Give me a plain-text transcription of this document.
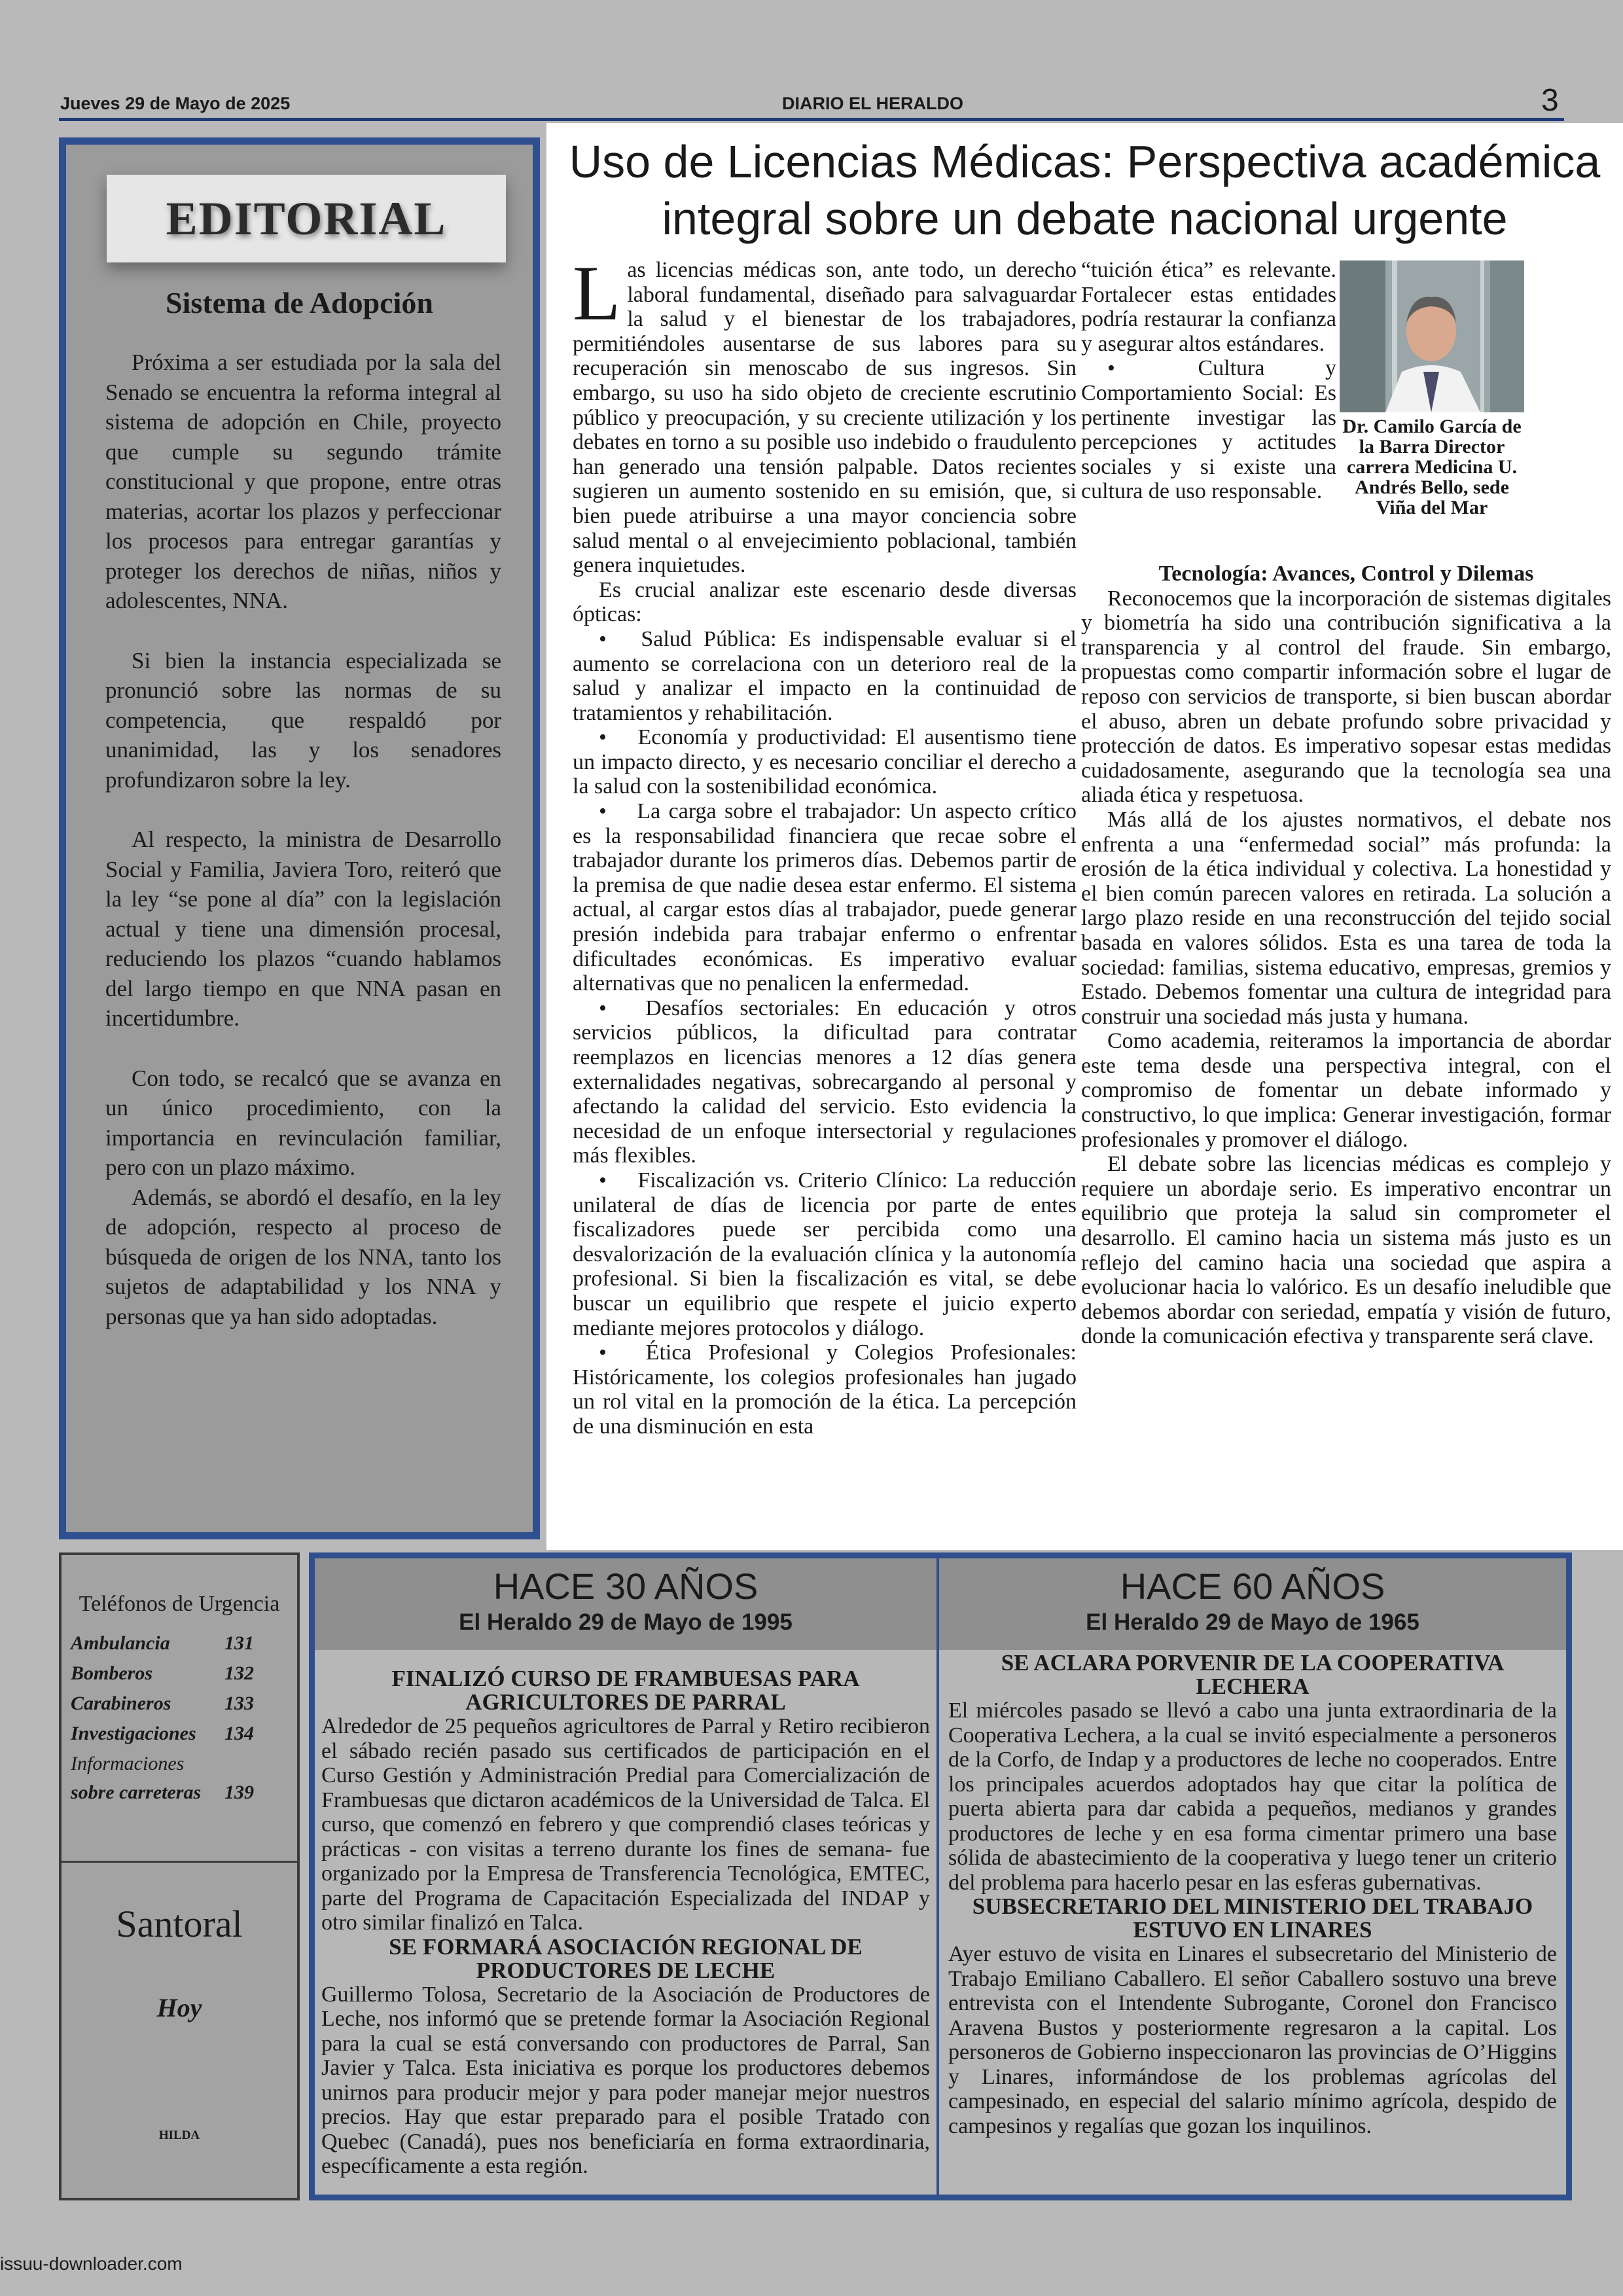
Jueves 29 de Mayo de 2025	DIARIO EL HERALDO	3
EDITORIAL
Sistema de Adopción

Próxima a ser estudiada por la sala del Senado se encuentra la reforma integral al sistema de adopción en Chile, proyecto que cumple su segundo trámite constitucional y que propone, entre otras materias, acortar los plazos y perfeccionar los procesos para entregar garantías y proteger los derechos de niñas, niños y adolescentes, NNA.

Si bien la instancia especializada se pronunció sobre las normas de su competencia, que respaldó por unanimidad, las y los senadores profundizaron sobre la ley.

Al respecto, la ministra de Desarrollo Social y Familia, Javiera Toro, reiteró que la ley “se pone al día” con la legislación actual y tiene una dimensión procesal, reduciendo los plazos “cuando hablamos del largo tiempo en que NNA pasan en incertidumbre.

Con todo, se recalcó que se avanza en un único procedimiento, con la importancia en revinculación familiar, pero con un plazo máximo.

Además, se abordó el desafío, en la ley de adopción, respecto al proceso de búsqueda de origen de los NNA, tanto los sujetos de adaptabilidad y los NNA y personas que ya han sido adoptadas.

Uso de Licencias Médicas: Perspectiva académica integral sobre un debate nacional urgente

Las licencias médicas son, ante todo, un derecho laboral fundamental, diseñado para salvaguardar la salud y el bienestar de los trabajadores, permitiéndoles ausentarse de sus labores para su recuperación sin menoscabo de sus ingresos. Sin embargo, su uso ha sido objeto de creciente escrutinio público y preocupación, y su creciente utilización y los debates en torno a su posible uso indebido o fraudulento han generado una tensión palpable. Datos recientes sugieren un aumento sostenido en su emisión, que, si bien puede atribuirse a una mayor conciencia sobre salud mental o al envejecimiento poblacional, también genera inquietudes.

Es crucial analizar este escenario desde diversas ópticas:

•  Salud Pública: Es indispensable evaluar si el aumento se correlaciona con un deterioro real de la salud y analizar el impacto en la continuidad de tratamientos y rehabilitación.

•  Economía y productividad: El ausentismo tiene un impacto directo, y es necesario conciliar el derecho a la salud con la sostenibilidad económica.

•  La carga sobre el trabajador: Un aspecto crítico es la responsabilidad financiera que recae sobre el trabajador durante los primeros días. Debemos partir de la premisa de que nadie desea estar enfermo. El sistema actual, al cargar estos días al trabajador, puede generar presión indebida para trabajar enfermo o enfrentar dificultades económicas. Es imperativo evaluar alternativas que no penalicen la enfermedad.

•  Desafíos sectoriales: En educación y otros servicios públicos, la dificultad para contratar reemplazos en licencias menores a 12 días genera externalidades negativas, sobrecargando al personal y afectando la calidad del servicio. Esto evidencia la necesidad de un enfoque intersectorial y regulaciones más flexibles.

•  Fiscalización vs. Criterio Clínico: La reducción unilateral de días de licencia por parte de entes fiscalizadores puede ser percibida como una desvalorización de la evaluación clínica y la autonomía profesional. Si bien la fiscalización es vital, se debe buscar un equilibrio que respete el juicio experto mediante mejores protocolos y diálogo.

•  Ética Profesional y Colegios Profesionales: Históricamente, los colegios profesionales han jugado un rol vital en la promoción de la ética. La percepción de una disminución en esta

“tuición ética” es relevante. Fortalecer estas entidades podría restaurar la confianza y asegurar altos estándares.

•  Cultura y Comportamiento Social: Es pertinente investigar las percepciones y actitudes sociales y si existe una cultura de uso responsable.

Dr. Camilo García de la Barra Director carrera Medicina U. Andrés Bello, sede Viña del Mar

Tecnología: Avances, Control y Dilemas

Reconocemos que la incorporación de sistemas digitales y biometría ha sido una contribución significativa a la transparencia y al control del fraude. Sin embargo, propuestas como compartir información sobre el lugar de reposo con servicios de transporte, si bien buscan abordar el abuso, abren un debate profundo sobre privacidad y protección de datos. Es imperativo sopesar estas medidas cuidadosamente, asegurando que la tecnología sea una aliada ética y respetuosa.

Más allá de los ajustes normativos, el debate nos enfrenta a una “enfermedad social” más profunda: la erosión de la ética individual y colectiva. La honestidad y el bien común parecen valores en retirada. La solución a largo plazo reside en una reconstrucción del tejido social basada en valores sólidos. Esta es una tarea de toda la sociedad: familias, sistema educativo, empresas, gremios y Estado. Debemos fomentar una cultura de integridad para construir una sociedad más justa y humana.

Como academia, reiteramos la importancia de abordar este tema desde una perspectiva integral, con el compromiso de fomentar un debate informado y constructivo, lo que implica: Generar investigación, formar profesionales y promover el diálogo.

El debate sobre las licencias médicas es complejo y requiere un abordaje serio. Es imperativo encontrar un equilibrio que proteja la salud sin comprometer el desarrollo. El camino hacia un sistema más justo es un reflejo del camino hacia una sociedad que aspira a evolucionar hacia lo valórico. Es un desafío ineludible que debemos abordar con seriedad, empatía y visión de futuro, donde la comunicación efectiva y transparente será clave.

Teléfonos de Urgencia
Ambulancia	131
Bomberos	132
Carabineros	133
Investigaciones	134
Informaciones
sobre carreteras	139
Santoral
Hoy
HILDA
HACE 30 AÑOS
El Heraldo 29 de Mayo de 1995
HACE 60 AÑOS
El Heraldo 29 de Mayo de 1965

FINALIZÓ CURSO DE FRAMBUESAS PARA AGRICULTORES DE PARRAL

Alrededor de 25 pequeños agricultores de Parral y Retiro recibieron el sábado recién pasado sus certificados de participación en el Curso Gestión y Administración Predial para Comercialización de Frambuesas que dictaron académicos de la Universidad de Talca. El curso, que comenzó en febrero y que comprendió clases teóricas y prácticas - con visitas a terreno durante los fines de semana- fue organizado por la Empresa de Transferencia Tecnológica, EMTEC, parte del Programa de Capacitación Especializada del INDAP y otro similar finalizó en Talca.

SE FORMARÁ ASOCIACIÓN REGIONAL DE PRODUCTORES DE LECHE

Guillermo Tolosa, Secretario de la Asociación de Productores de Leche, nos informó que se pretende formar la Asociación Regional para la cual se está conversando con productores de Parral, San Javier y Talca. Esta iniciativa es porque los productores debemos unirnos para producir mejor y para poder manejar mejor nuestros precios. Hay que estar preparado para el posible Tratado con Quebec (Canadá), pues nos beneficiaría en forma extraordinaria, específicamente a esta región.

SE ACLARA PORVENIR DE LA COOPERATIVA LECHERA

El miércoles pasado se llevó a cabo una junta extraordinaria de la Cooperativa Lechera, a la cual se invitó especialmente a personeros de la Corfo, de Indap y a productores de leche no cooperados. Entre los principales acuerdos adoptados hay que citar la política de puerta abierta para dar cabida a pequeños, medianos y grandes productores de leche y en esa forma cimentar primero una base sólida de abastecimiento de la cooperativa y luego tener un criterio del problema para hacerlo pesar en las esferas gubernativas.

SUBSECRETARIO DEL MINISTERIO DEL TRABAJO ESTUVO EN LINARES

Ayer estuvo de visita en Linares el subsecretario del Ministerio de Trabajo Emiliano Caballero. El señor Caballero sostuvo una breve entrevista con el Intendente Subrogante, Coronel don Francisco Aravena Bustos y posteriormente regresaron a la capital. Los personeros de Gobierno inspeccionaron las provincias de O’Higgins y Linares, informándose de los problemas agrícolas del campesinado, en especial del salario mínimo agrícola, despido de campesinos y regalías que gozan los inquilinos.

issuu-downloader.com
